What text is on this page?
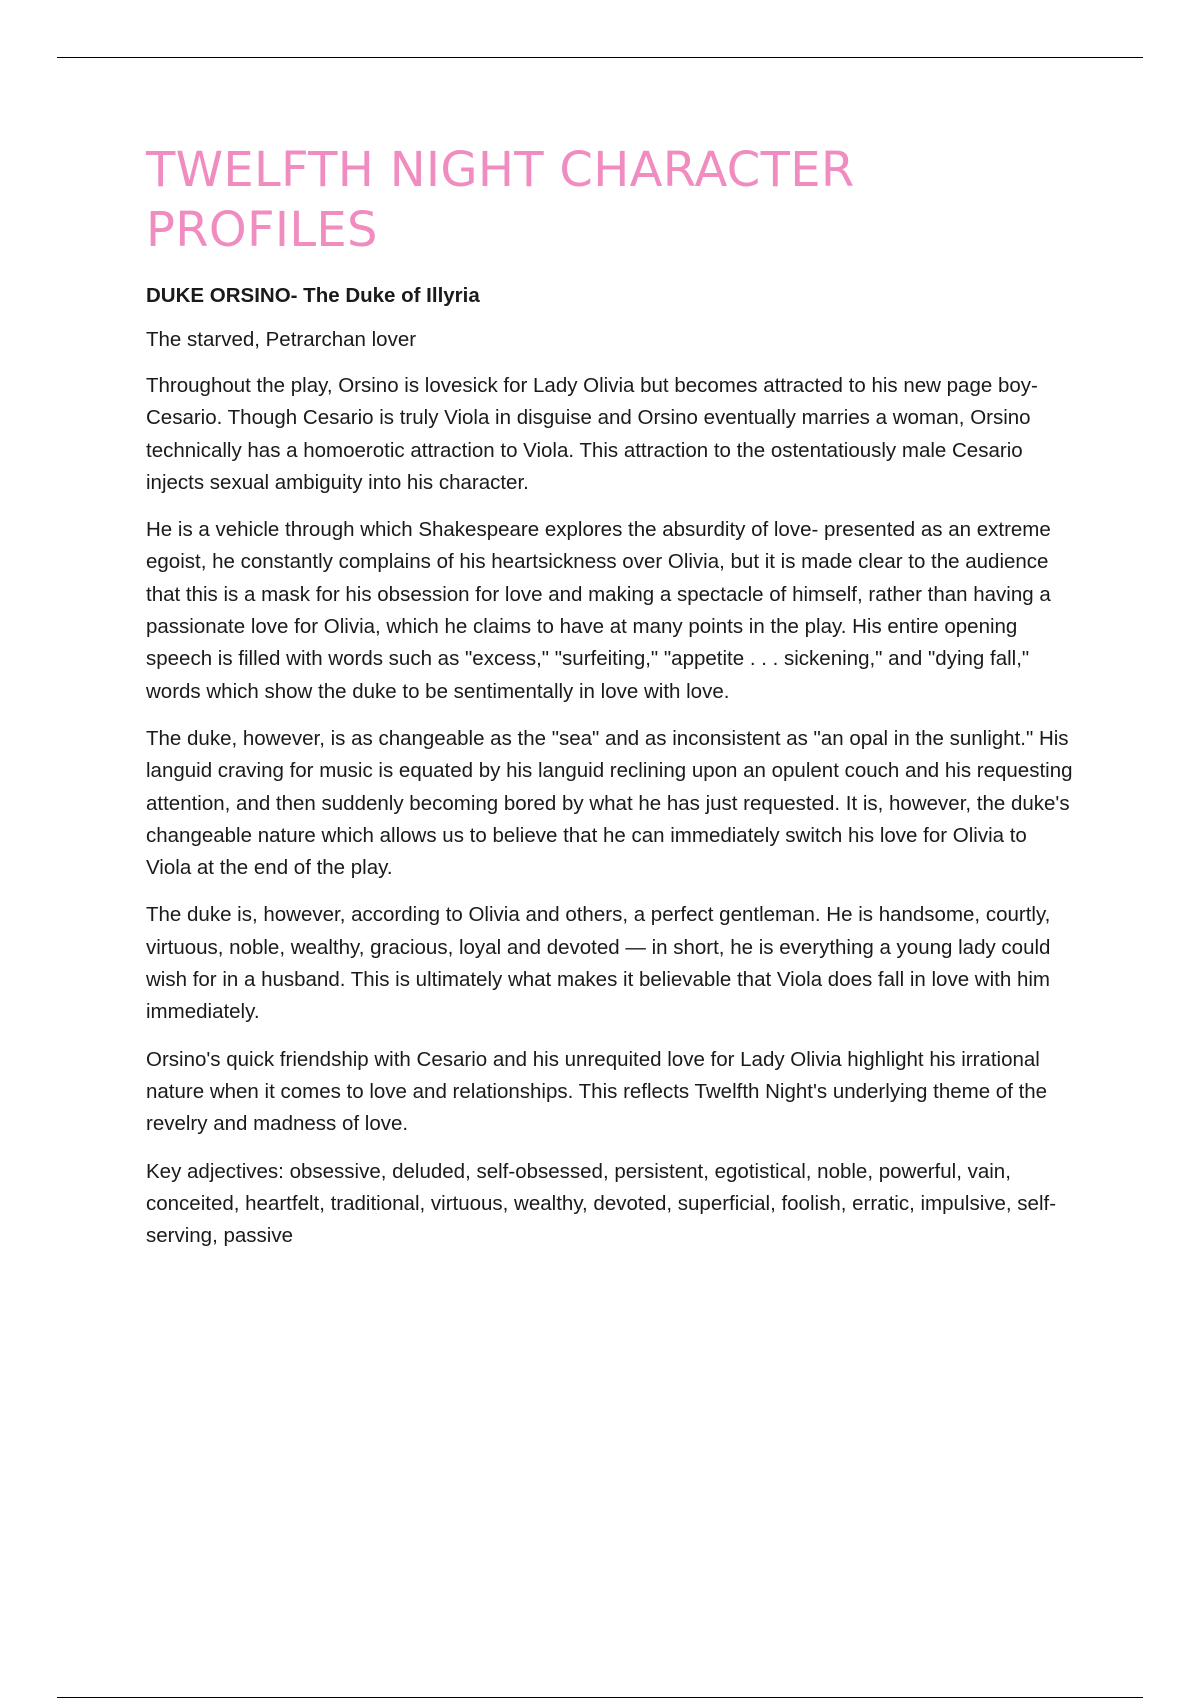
TWELFTH NIGHT CHARACTER
PROFILES

DUKE ORSINO- The Duke of Illyria

The starved, Petrarchan lover

Throughout the play, Orsino is lovesick for Lady Olivia but becomes attracted to his new page boy- Cesario. Though Cesario is truly Viola in disguise and Orsino eventually marries a woman, Orsino technically has a homoerotic attraction to Viola. This attraction to the ostentatiously male Cesario injects sexual ambiguity into his character.

He is a vehicle through which Shakespeare explores the absurdity of love- presented as an extreme egoist, he constantly complains of his heartsickness over Olivia, but it is made clear to the audience that this is a mask for his obsession for love and making a spectacle of himself, rather than having a passionate love for Olivia, which he claims to have at many points in the play. His entire opening speech is filled with words such as "excess," "surfeiting," "appetite . . . sickening," and "dying fall," words which show the duke to be sentimentally in love with love.

The duke, however, is as changeable as the "sea" and as inconsistent as "an opal in the sunlight." His languid craving for music is equated by his languid reclining upon an opulent couch and his requesting attention, and then suddenly becoming bored by what he has just requested. It is, however, the duke's changeable nature which allows us to believe that he can immediately switch his love for Olivia to Viola at the end of the play.

The duke is, however, according to Olivia and others, a perfect gentleman. He is handsome, courtly, virtuous, noble, wealthy, gracious, loyal and devoted — in short, he is everything a young lady could wish for in a husband. This is ultimately what makes it believable that Viola does fall in love with him immediately.

Orsino's quick friendship with Cesario and his unrequited love for Lady Olivia highlight his irrational nature when it comes to love and relationships. This reflects Twelfth Night's underlying theme of the revelry and madness of love.

Key adjectives: obsessive, deluded, self-obsessed, persistent, egotistical, noble, powerful, vain, conceited, heartfelt, traditional, virtuous, wealthy, devoted, superficial, foolish, erratic, impulsive, self-serving, passive
